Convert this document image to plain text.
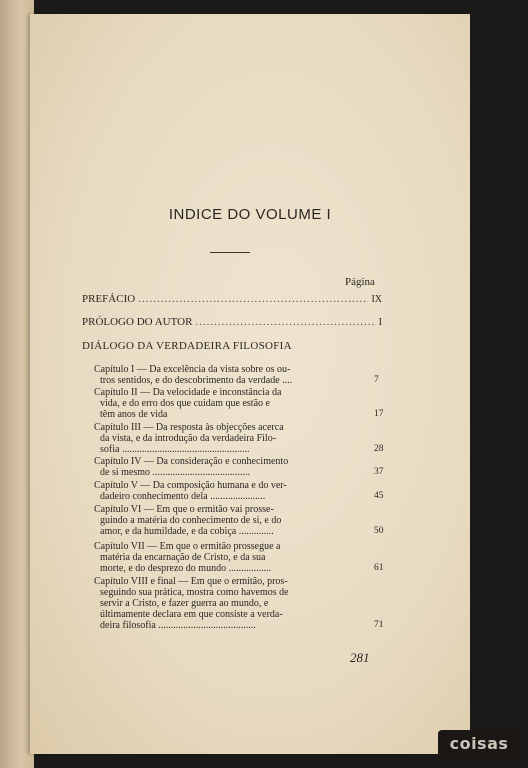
INDICE DO VOLUME I
Página
PREFÁCIO .....	IX
PRÓLOGO DO AUTOR .....	I
DIÁLOGO DA VERDADEIRA FILOSOFIA
Capítulo I — Da excelência da vista sobre os ou-
tros sentidos, e do descobrimento da verdade ....	7
Capítulo II — Da velocidade e inconstância da
vida, e do erro dos que cuidam que estão e
têm anos de vida	17
Capítulo III — Da resposta às objecções acerca
da vista, e da introdução da verdadeira Filo-
sofia ...................................................	28
Capítulo IV — Da consideração e conhecimento
de si mesmo .......................................	37
Capítulo V — Da composição humana e do ver-
dadeiro conhecimento dela ......................	45
Capítulo VI — Em que o ermitão vai prosse-
guindo a matéria do conhecimento de si, e do
amor, e da humildade, e da cobiça ..............	50
Capítulo VII — Em que o ermitão prossegue a
matéria da encarnação de Cristo, e da sua
morte, e do desprezo do mundo .................	61
Capítulo VIII e final — Em que o ermitão, pros-
seguindo sua prática, mostra como havemos de
servir a Cristo, e fazer guerra ao mundo, e
últimamente declara em que consiste a verda-
deira filosofia .......................................	71
281
coisas
